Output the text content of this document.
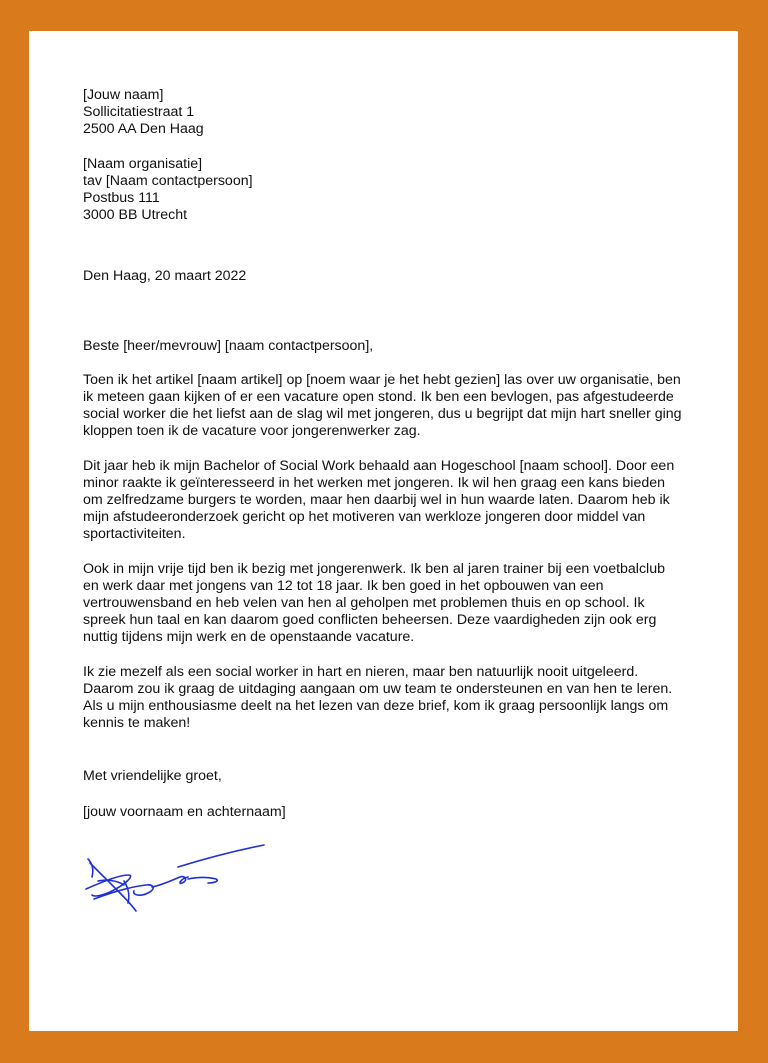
[Jouw naam]
Sollicitatiestraat 1
2500 AA Den Haag
[Naam organisatie]
tav [Naam contactpersoon]
Postbus 111
3000 BB Utrecht
Den Haag, 20 maart 2022
Beste [heer/mevrouw] [naam contactpersoon],
Toen ik het artikel [naam artikel] op [noem waar je het hebt gezien] las over uw organisatie, ben
ik meteen gaan kijken of er een vacature open stond. Ik ben een bevlogen, pas afgestudeerde
social worker die het liefst aan de slag wil met jongeren, dus u begrijpt dat mijn hart sneller ging
kloppen toen ik de vacature voor jongerenwerker zag.
Dit jaar heb ik mijn Bachelor of Social Work behaald aan Hogeschool [naam school]. Door een
minor raakte ik geïnteresseerd in het werken met jongeren. Ik wil hen graag een kans bieden
om zelfredzame burgers te worden, maar hen daarbij wel in hun waarde laten. Daarom heb ik
mijn afstudeeronderzoek gericht op het motiveren van werkloze jongeren door middel van
sportactiviteiten.
Ook in mijn vrije tijd ben ik bezig met jongerenwerk. Ik ben al jaren trainer bij een voetbalclub
en werk daar met jongens van 12 tot 18 jaar. Ik ben goed in het opbouwen van een
vertrouwensband en heb velen van hen al geholpen met problemen thuis en op school. Ik
spreek hun taal en kan daarom goed conflicten beheersen. Deze vaardigheden zijn ook erg
nuttig tijdens mijn werk en de openstaande vacature.
Ik zie mezelf als een social worker in hart en nieren, maar ben natuurlijk nooit uitgeleerd.
Daarom zou ik graag de uitdaging aangaan om uw team te ondersteunen en van hen te leren.
Als u mijn enthousiasme deelt na het lezen van deze brief, kom ik graag persoonlijk langs om
kennis te maken!
Met vriendelijke groet,
[jouw voornaam en achternaam]
